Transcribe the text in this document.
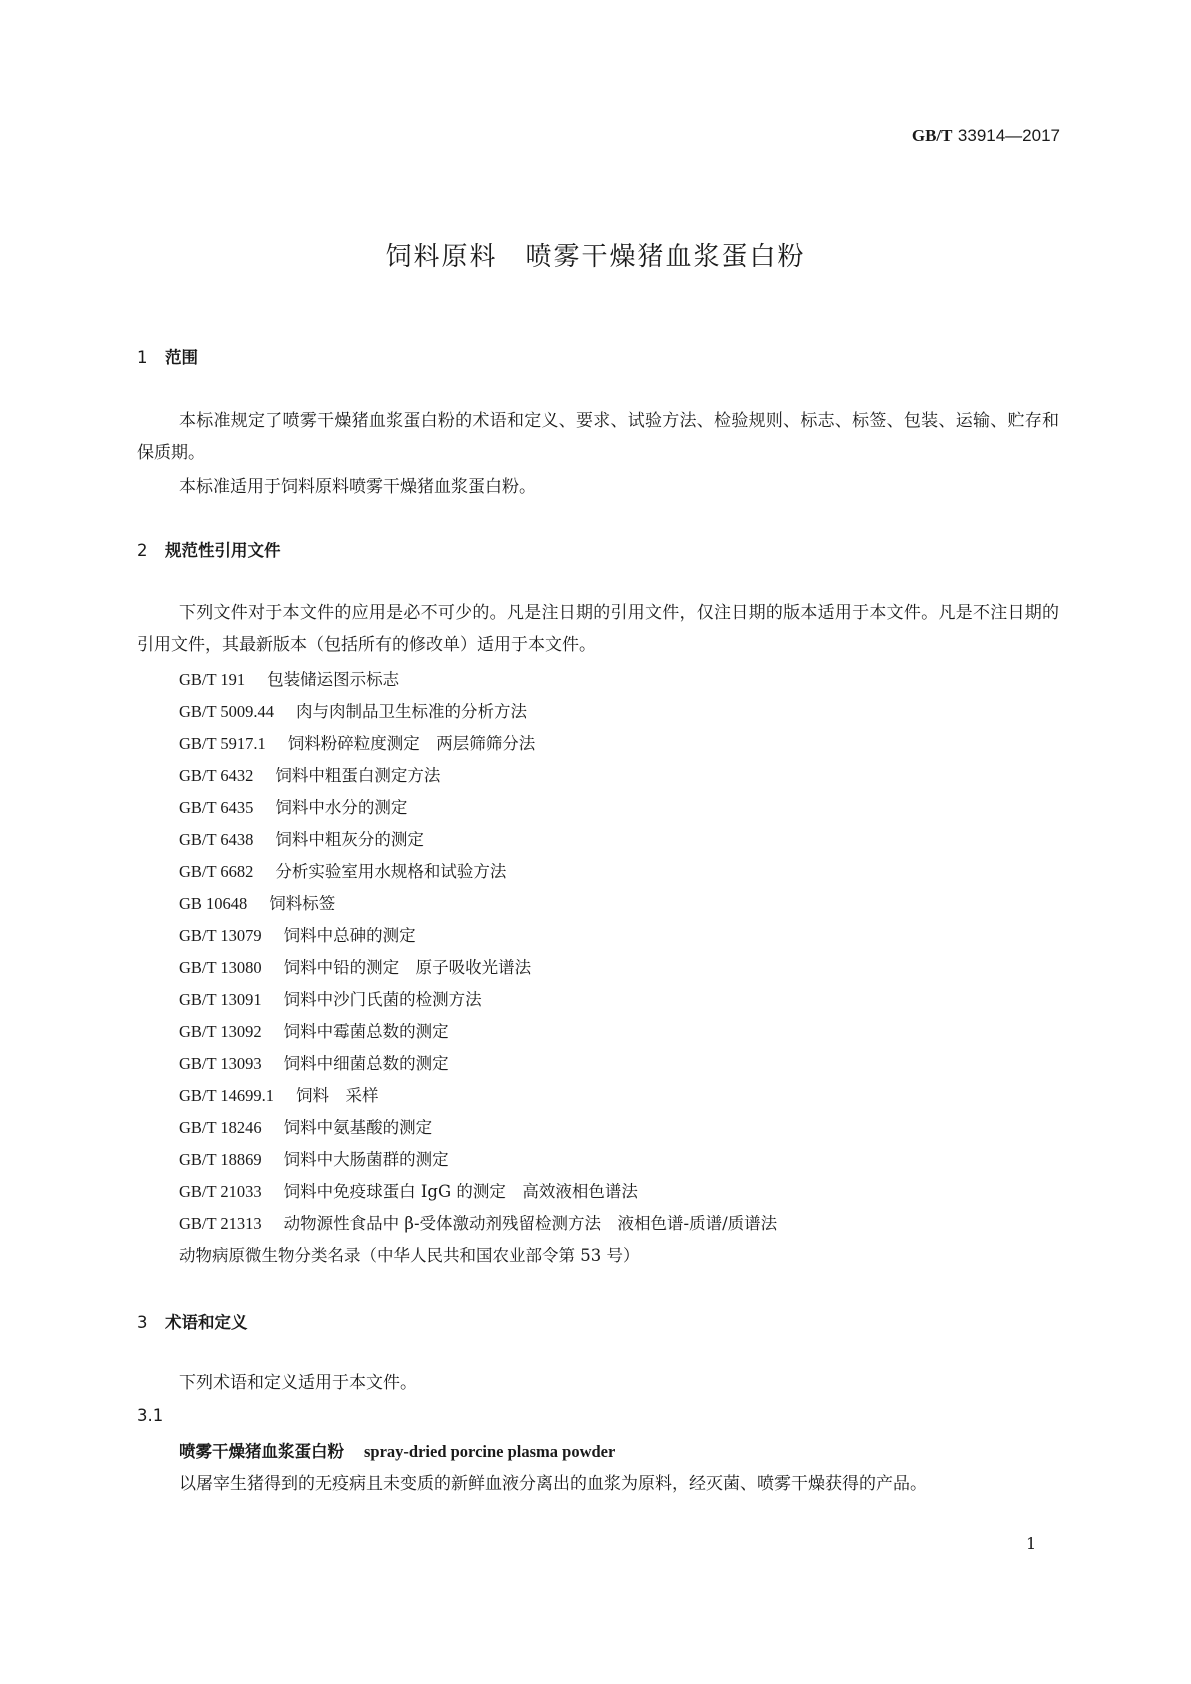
GB/T 33914—2017
饲料原料　喷雾干燥猪血浆蛋白粉
1 范围
本标准规定了喷雾干燥猪血浆蛋白粉的术语和定义、要求、试验方法、检验规则、标志、标签、包装、运输、贮存和保质期。
本标准适用于饲料原料喷雾干燥猪血浆蛋白粉。
2 规范性引用文件
下列文件对于本文件的应用是必不可少的。凡是注日期的引用文件，仅注日期的版本适用于本文件。凡是不注日期的引用文件，其最新版本（包括所有的修改单）适用于本文件。
GB/T 191 包装储运图示标志
GB/T 5009.44 肉与肉制品卫生标准的分析方法
GB/T 5917.1 饲料粉碎粒度测定　两层筛筛分法
GB/T 6432 饲料中粗蛋白测定方法
GB/T 6435 饲料中水分的测定
GB/T 6438 饲料中粗灰分的测定
GB/T 6682 分析实验室用水规格和试验方法
GB 10648 饲料标签
GB/T 13079 饲料中总砷的测定
GB/T 13080 饲料中铅的测定　原子吸收光谱法
GB/T 13091 饲料中沙门氏菌的检测方法
GB/T 13092 饲料中霉菌总数的测定
GB/T 13093 饲料中细菌总数的测定
GB/T 14699.1 饲料　采样
GB/T 18246 饲料中氨基酸的测定
GB/T 18869 饲料中大肠菌群的测定
GB/T 21033 饲料中免疫球蛋白 IgG 的测定　高效液相色谱法
GB/T 21313 动物源性食品中 β-受体激动剂残留检测方法　液相色谱-质谱/质谱法
动物病原微生物分类名录（中华人民共和国农业部令第 53 号）
3 术语和定义
下列术语和定义适用于本文件。
3.1
喷雾干燥猪血浆蛋白粉 spray-dried porcine plasma powder
以屠宰生猪得到的无疫病且未变质的新鲜血液分离出的血浆为原料，经灭菌、喷雾干燥获得的产品。
1
